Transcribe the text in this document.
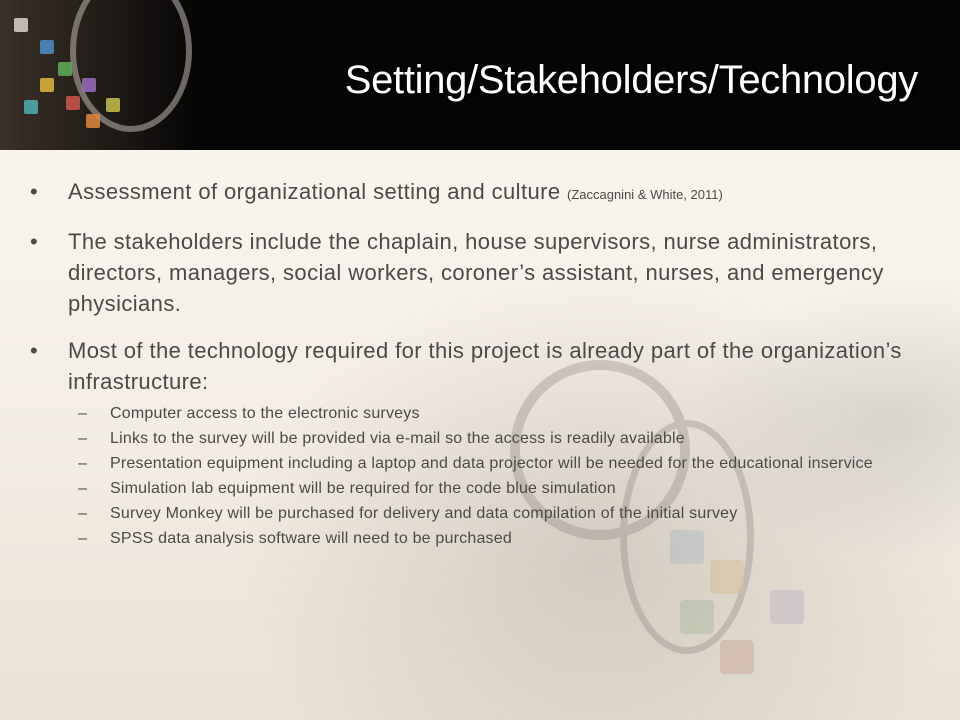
Setting/Stakeholders/Technology
• Assessment of organizational setting and culture (Zaccagnini & White, 2011)
• The stakeholders include the chaplain, house supervisors, nurse administrators, directors, managers, social workers, coroner’s assistant, nurses, and emergency physicians.
• Most of the technology required for this project is already part of the organization’s infrastructure:
– Computer access to the electronic surveys
– Links to the survey will be provided via e-mail so the access is readily available
– Presentation equipment including a laptop and data projector will be needed for the educational inservice
– Simulation lab equipment will be required for the code blue simulation
– Survey Monkey will be purchased for delivery and data compilation of the initial survey
– SPSS data analysis software will need to be purchased
